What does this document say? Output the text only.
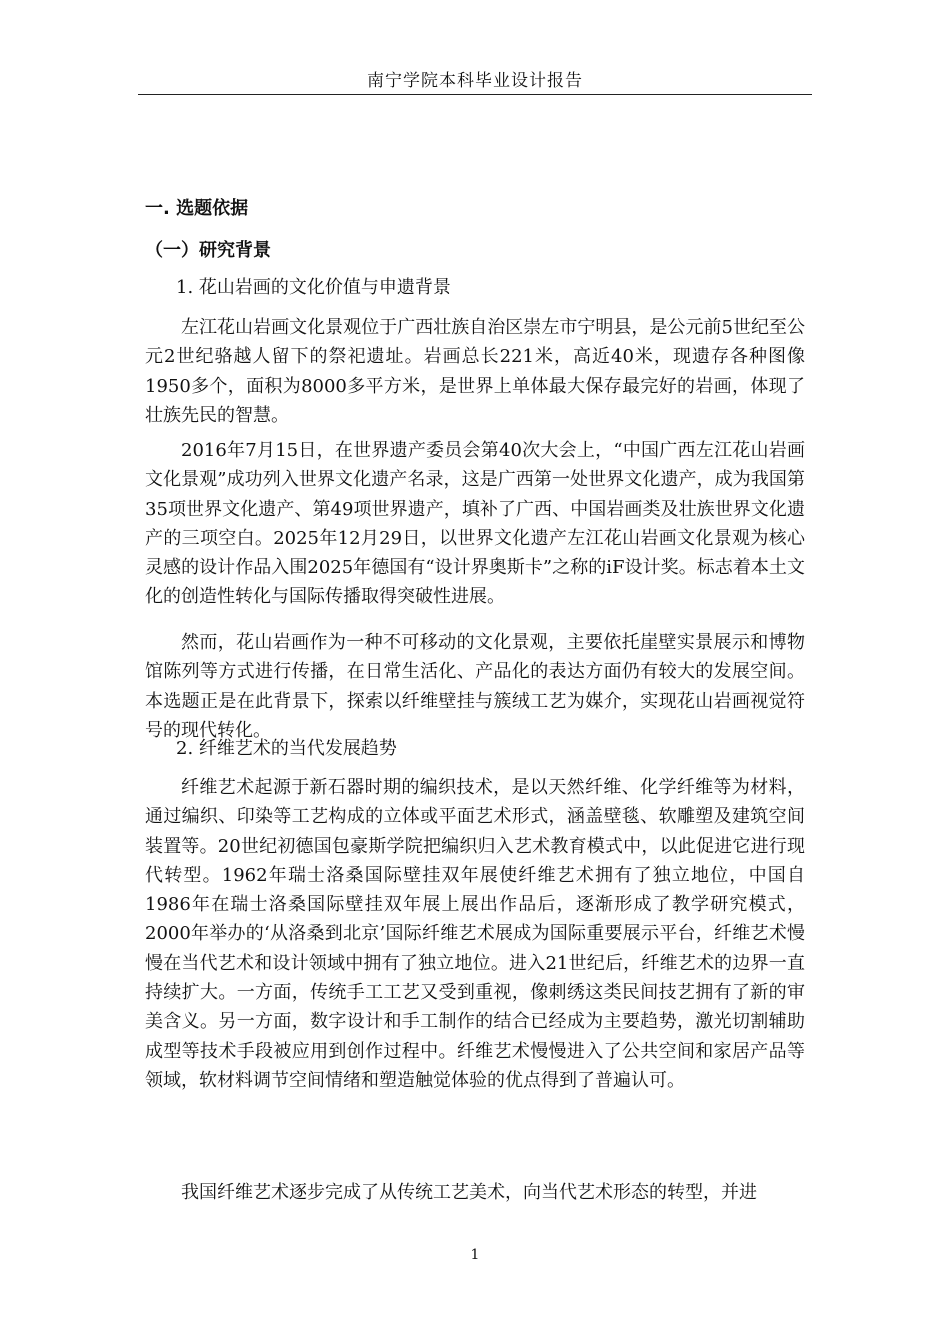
南宁学院本科毕业设计报告
一. 选题依据
（一）研究背景
1. 花山岩画的文化价值与申遗背景

左江花山岩画文化景观位于广西壮族自治区崇左市宁明县，是公元前5世纪至公元2世纪骆越人留下的祭祀遗址。岩画总长221米，高近40米，现遗存各种图像1950多个，面积为8000多平方米，是世界上单体最大保存最完好的岩画，体现了壮族先民的智慧。

2016年7月15日，在世界遗产委员会第40次大会上，“中国广西左江花山岩画文化景观”成功列入世界文化遗产名录，这是广西第一处世界文化遗产，成为我国第35项世界文化遗产、第49项世界遗产，填补了广西、中国岩画类及壮族世界文化遗产的三项空白。2025年12月29日，以世界文化遗产左江花山岩画文化景观为核心灵感的设计作品入围2025年德国有“设计界奥斯卡”之称的iF设计奖。标志着本土文化的创造性转化与国际传播取得突破性进展。

然而，花山岩画作为一种不可移动的文化景观，主要依托崖壁实景展示和博物馆陈列等方式进行传播，在日常生活化、产品化的表达方面仍有较大的发展空间。本选题正是在此背景下，探索以纤维壁挂与簇绒工艺为媒介，实现花山岩画视觉符号的现代转化。

2. 纤维艺术的当代发展趋势

纤维艺术起源于新石器时期的编织技术，是以天然纤维、化学纤维等为材料，通过编织、印染等工艺构成的立体或平面艺术形式，涵盖壁毯、软雕塑及建筑空间装置等。20世纪初德国包豪斯学院把编织归入艺术教育模式中，以此促进它进行现代转型。1962年瑞士洛桑国际壁挂双年展使纤维艺术拥有了独立地位，中国自1986年在瑞士洛桑国际壁挂双年展上展出作品后，逐渐形成了教学研究模式，2000年举办的‘从洛桑到北京’国际纤维艺术展成为国际重要展示平台，纤维艺术慢慢在当代艺术和设计领域中拥有了独立地位。进入21世纪后，纤维艺术的边界一直持续扩大。一方面，传统手工工艺又受到重视，像刺绣这类民间技艺拥有了新的审美含义。另一方面，数字设计和手工制作的结合已经成为主要趋势，激光切割辅助成型等技术手段被应用到创作过程中。纤维艺术慢慢进入了公共空间和家居产品等领域，软材料调节空间情绪和塑造触觉体验的优点得到了普遍认可。

我国纤维艺术逐步完成了从传统工艺美术，向当代艺术形态的转型，并进

1
